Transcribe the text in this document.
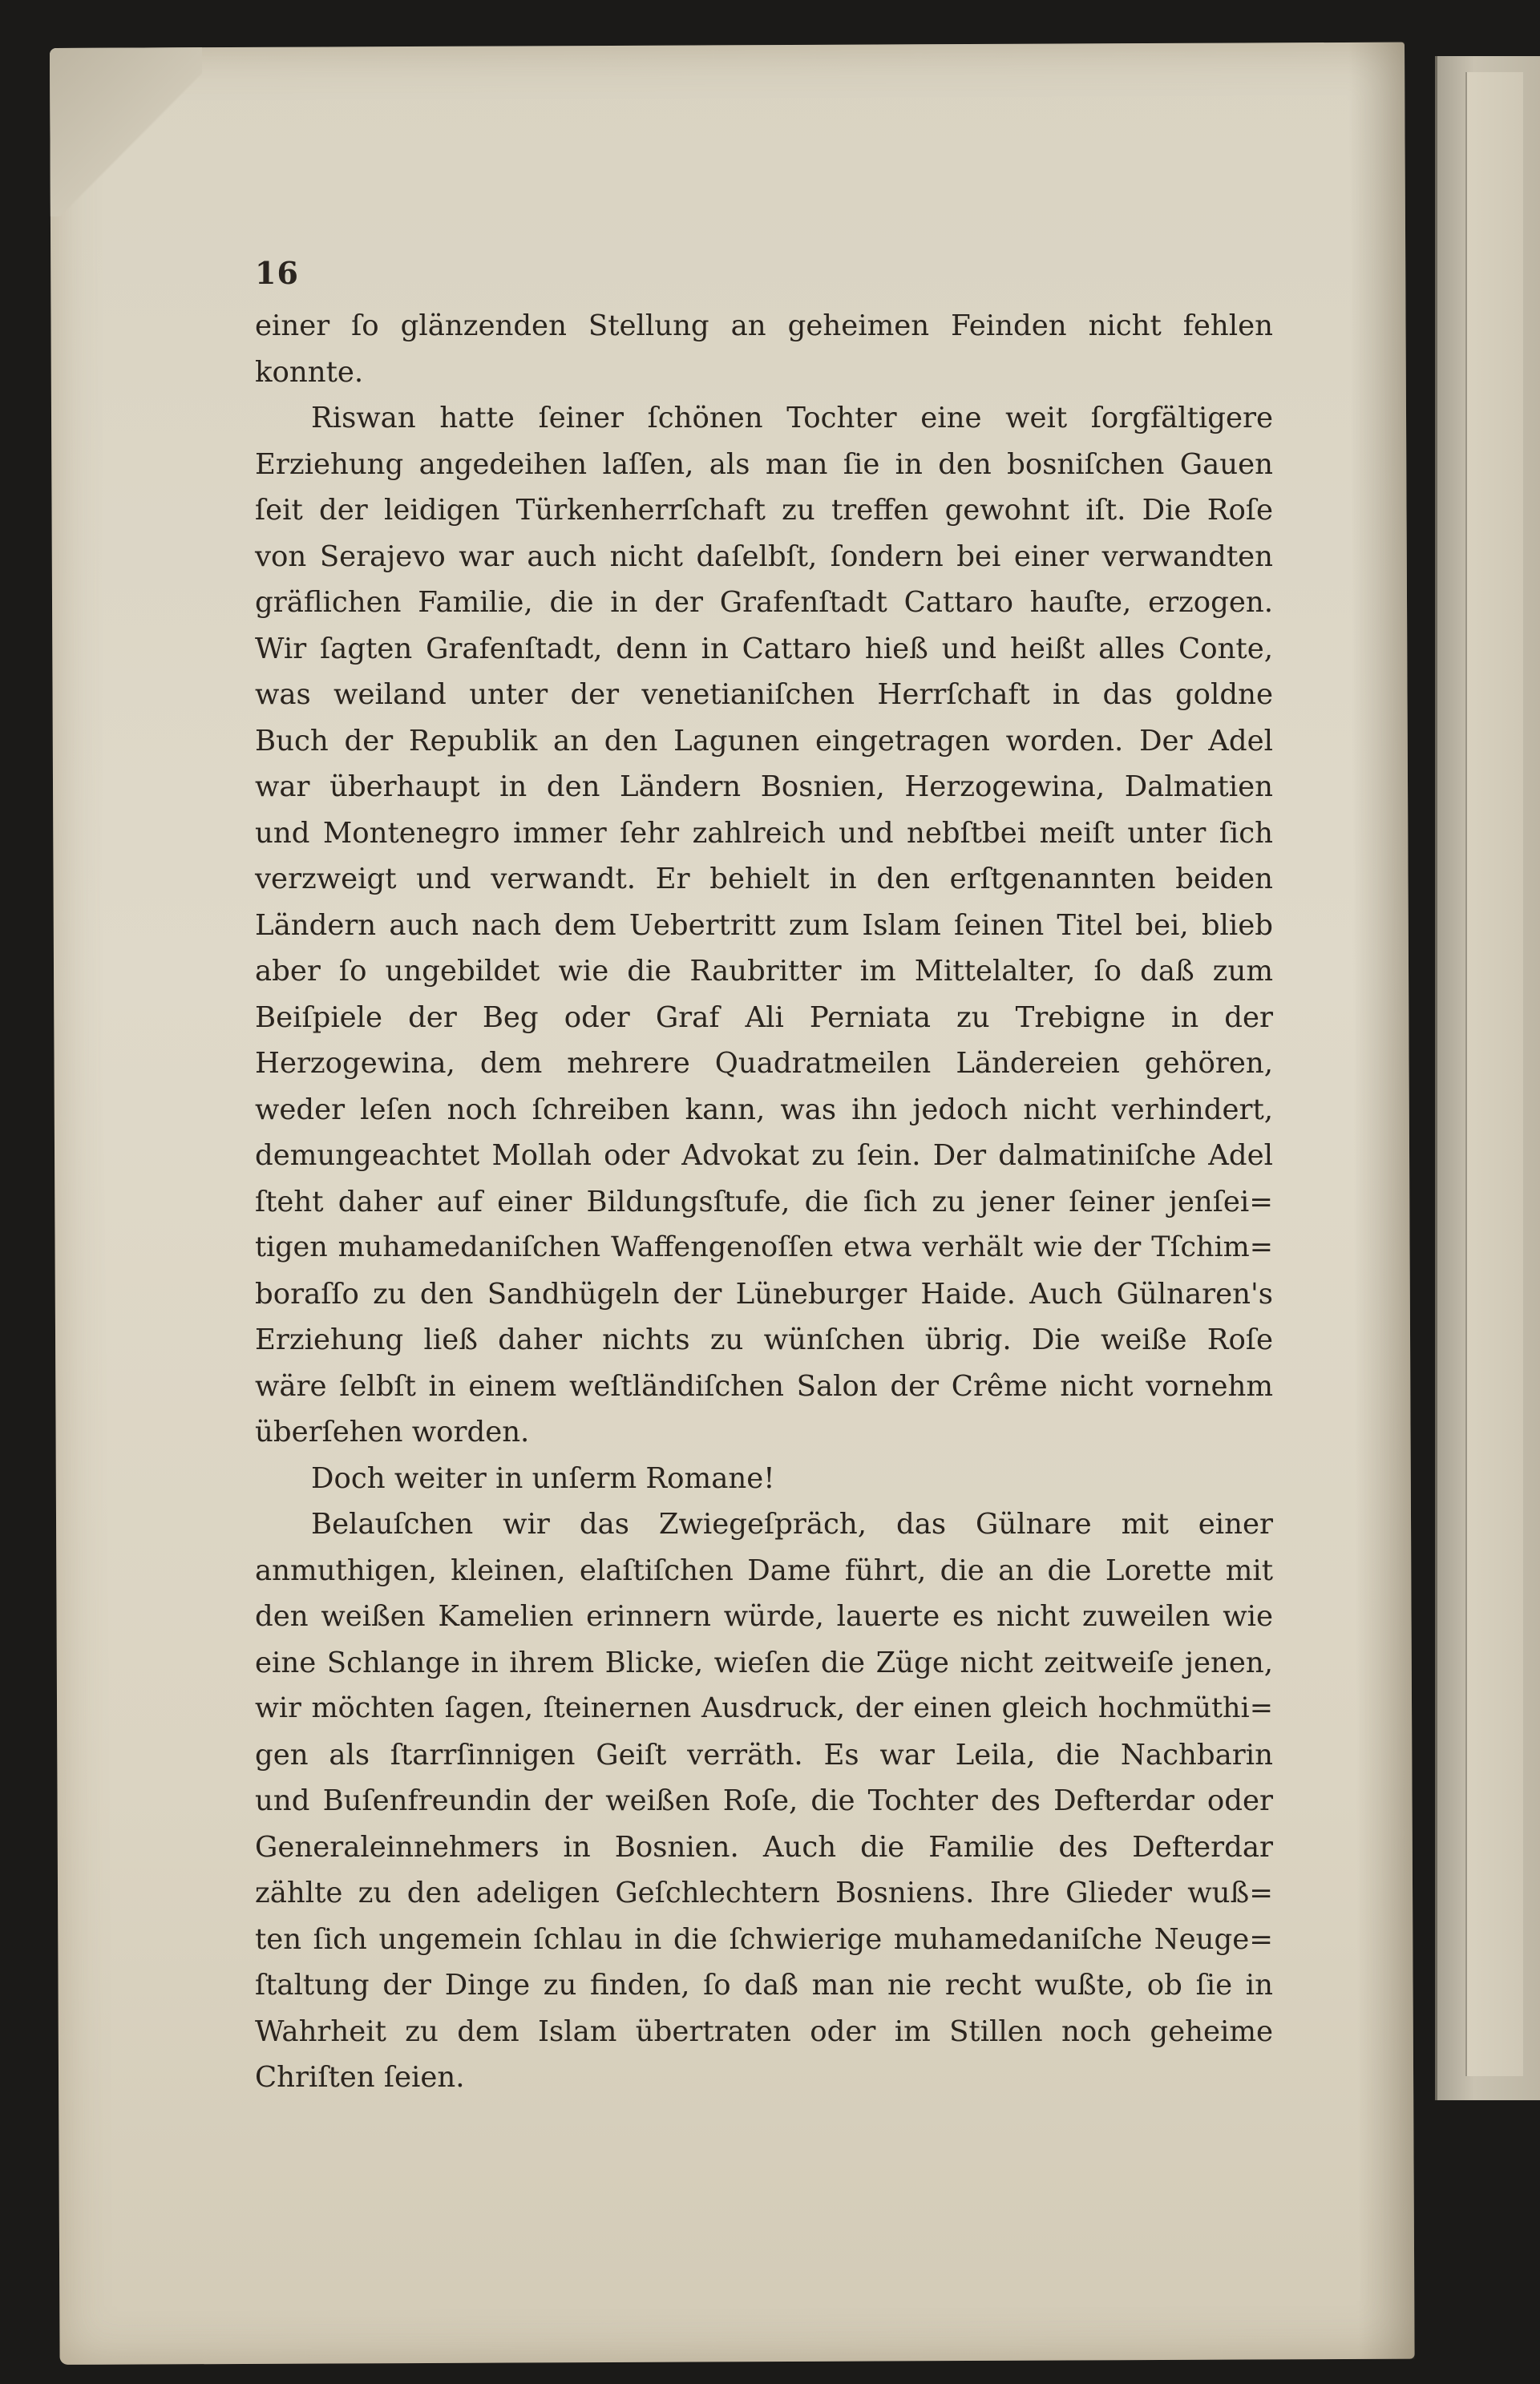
16
einer ſo glänzenden Stellung an geheimen Feinden nicht fehlen
konnte.
Riswan hatte ſeiner ſchönen Tochter eine weit ſorgfältigere
Erziehung angedeihen laſſen, als man ſie in den bosniſchen Gauen
ſeit der leidigen Türkenherrſchaft zu treffen gewohnt iſt. Die Roſe
von Serajevo war auch nicht daſelbſt, ſondern bei einer verwandten
gräflichen Familie, die in der Grafenſtadt Cattaro hauſte, erzogen.
Wir ſagten Grafenſtadt, denn in Cattaro hieß und heißt alles Conte,
was weiland unter der venetianiſchen Herrſchaft in das goldne
Buch der Republik an den Lagunen eingetragen worden. Der Adel
war überhaupt in den Ländern Bosnien, Herzogewina, Dalmatien
und Montenegro immer ſehr zahlreich und nebſtbei meiſt unter ſich
verzweigt und verwandt. Er behielt in den erſtgenannten beiden
Ländern auch nach dem Uebertritt zum Islam ſeinen Titel bei, blieb
aber ſo ungebildet wie die Raubritter im Mittelalter, ſo daß zum
Beiſpiele der Beg oder Graf Ali Perniata zu Trebigne in der
Herzogewina, dem mehrere Quadratmeilen Ländereien gehören,
weder leſen noch ſchreiben kann, was ihn jedoch nicht verhindert,
demungeachtet Mollah oder Advokat zu ſein. Der dalmatiniſche Adel
ſteht daher auf einer Bildungsſtufe, die ſich zu jener ſeiner jenſei=
tigen muhamedaniſchen Waffengenoſſen etwa verhält wie der Tſchim=
boraſſo zu den Sandhügeln der Lüneburger Haide. Auch Gülnaren's
Erziehung ließ daher nichts zu wünſchen übrig. Die weiße Roſe
wäre ſelbſt in einem weſtländiſchen Salon der Crême nicht vornehm
überſehen worden.
Doch weiter in unſerm Romane!
Belauſchen wir das Zwiegeſpräch, das Gülnare mit einer
anmuthigen, kleinen, elaſtiſchen Dame führt, die an die Lorette mit
den weißen Kamelien erinnern würde, lauerte es nicht zuweilen wie
eine Schlange in ihrem Blicke, wieſen die Züge nicht zeitweiſe jenen,
wir möchten ſagen, ſteinernen Ausdruck, der einen gleich hochmüthi=
gen als ſtarrſinnigen Geiſt verräth. Es war Leila, die Nachbarin
und Buſenfreundin der weißen Roſe, die Tochter des Defterdar oder
Generaleinnehmers in Bosnien. Auch die Familie des Defterdar
zählte zu den adeligen Geſchlechtern Bosniens. Ihre Glieder wuß=
ten ſich ungemein ſchlau in die ſchwierige muhamedaniſche Neuge=
ſtaltung der Dinge zu finden, ſo daß man nie recht wußte, ob ſie in
Wahrheit zu dem Islam übertraten oder im Stillen noch geheime
Chriſten ſeien.
